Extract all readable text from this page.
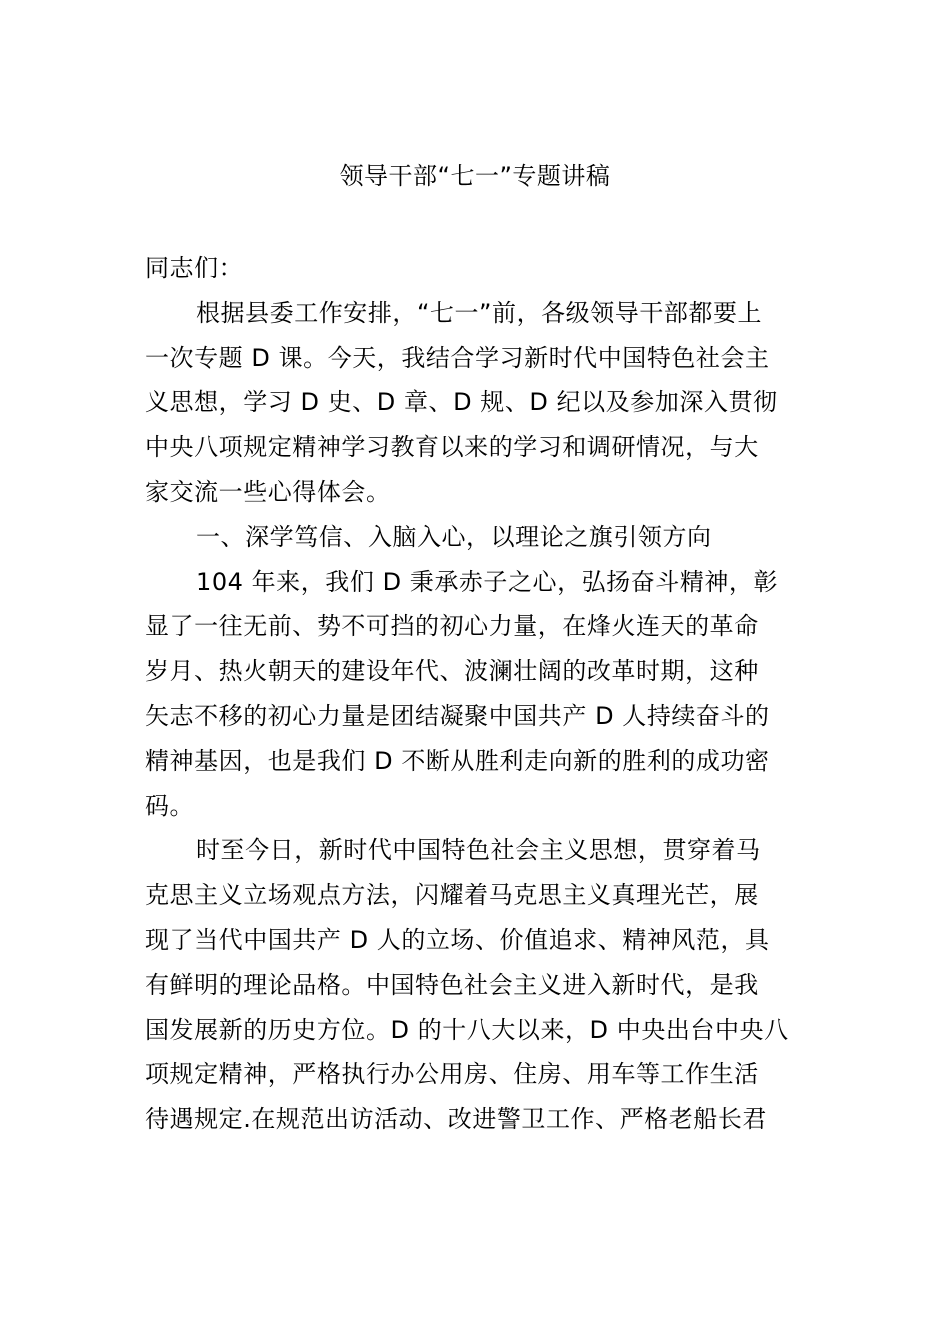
领导干部“七一”专题讲稿
同志们：
根据县委工作安排，“七一”前，各级领导干部都要上
一次专题 D 课。今天，我结合学习新时代中国特色社会主
义思想，学习 D 史、D 章、D 规、D 纪以及参加深入贯彻
中央八项规定精神学习教育以来的学习和调研情况，与大
家交流一些心得体会。
一、深学笃信、入脑入心，以理论之旗引领方向
104 年来，我们 D 秉承赤子之心，弘扬奋斗精神，彰
显了一往无前、势不可挡的初心力量，在烽火连天的革命
岁月、热火朝天的建设年代、波澜壮阔的改革时期，这种
矢志不移的初心力量是团结凝聚中国共产 D 人持续奋斗的
精神基因，也是我们 D 不断从胜利走向新的胜利的成功密
码。
时至今日，新时代中国特色社会主义思想，贯穿着马
克思主义立场观点方法，闪耀着马克思主义真理光芒，展
现了当代中国共产 D 人的立场、价值追求、精神风范，具
有鲜明的理论品格。中国特色社会主义进入新时代，是我
国发展新的历史方位。D 的十八大以来，D 中央出台中央八
项规定精神，严格执行办公用房、住房、用车等工作生活
待遇规定.在规范出访活动、改进警卫工作、严格老船长君
